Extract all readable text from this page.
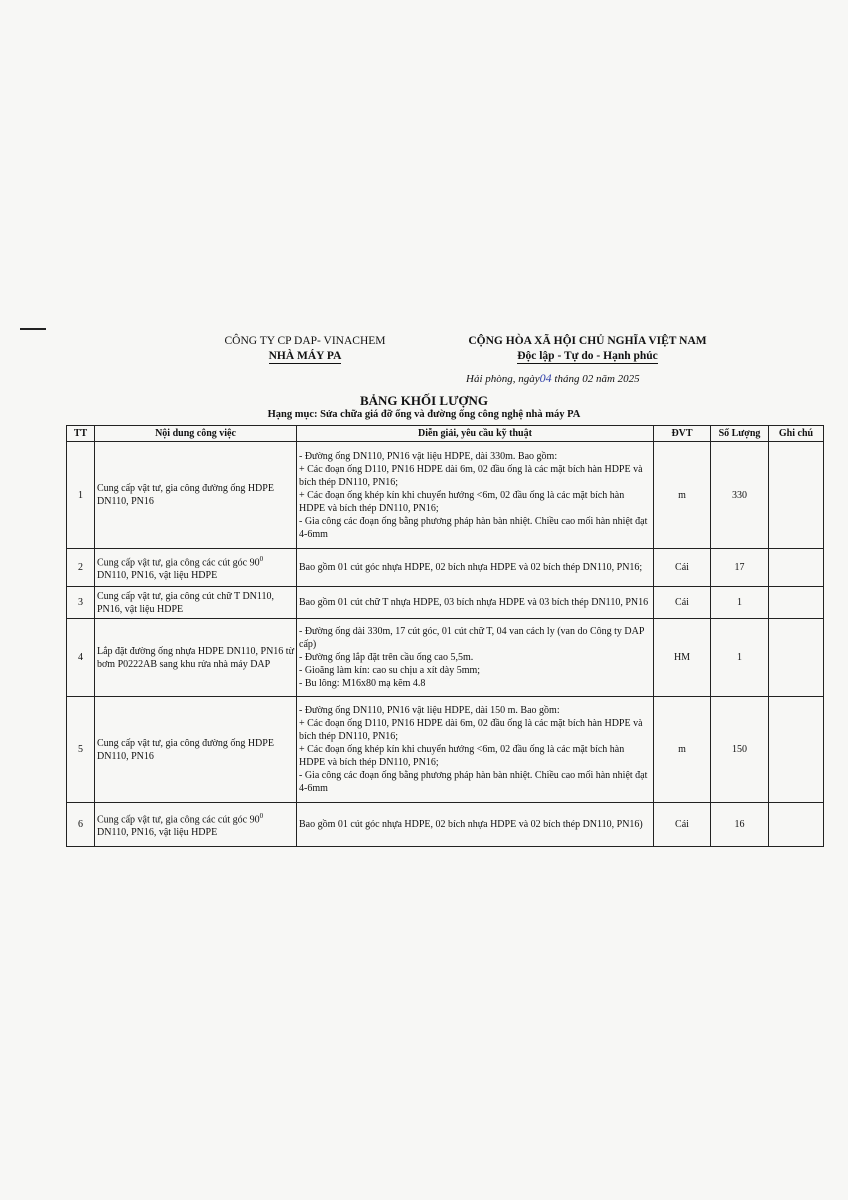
CÔNG TY CP DAP- VINACHEM
NHÀ MÁY PA
CỘNG HÒA XÃ HỘI CHỦ NGHĨA VIỆT NAM
Độc lập - Tự do - Hạnh phúc
Hải phòng, ngày04 tháng 02 năm 2025
BẢNG KHỐI LƯỢNG
Hạng mục: Sửa chữa giá đỡ ống và đường ống công nghệ nhà máy PA
TT	Nội dung công việc	Diễn giải, yêu cầu kỹ thuật	ĐVT	Số Lượng	Ghi chú
1	Cung cấp vật tư, gia công đường ống HDPE DN110, PN16	- Đường ống DN110, PN16 vật liệu HDPE, dài 330m. Bao gồm:
+ Các đoạn ống D110, PN16 HDPE dài 6m, 02 đầu ống là các mặt bích hàn HDPE và bích thép DN110, PN16;
+ Các đoạn ống khép kín khi chuyển hướng <6m, 02 đầu ống là các mặt bích hàn HDPE và bích thép DN110, PN16;
- Gia công các đoạn ống bằng phương pháp hàn bàn nhiệt. Chiều cao mối hàn nhiệt đạt 4-6mm	m	330	
2	Cung cấp vật tư, gia công các cút góc $90^0$
DN110, PN16, vật liệu HDPE	Bao gồm 01 cút góc nhựa HDPE, 02 bích nhựa HDPE và 02 bích thép DN110, PN16;	Cái	17	
3	Cung cấp vật tư, gia công cút chữ T DN110, PN16, vật liệu HDPE	Bao gồm 01 cút chữ T nhựa HDPE, 03 bích nhựa HDPE và 03 bích thép DN110, PN16	Cái	1	
4	Lắp đặt đường ống nhựa HDPE DN110, PN16 từ bơm P0222AB sang khu rửa nhà máy DAP	- Đường ống dài 330m, 17 cút góc, 01 cút chữ T, 04 van cách ly (van do Công ty DAP cấp)
- Đường ống lắp đặt trên cầu ống cao 5,5m.
- Gioăng làm kín: cao su chịu a xít dày 5mm;
- Bu lông: M16x80 mạ kẽm 4.8	HM	1	
5	Cung cấp vật tư, gia công đường ống HDPE DN110, PN16	- Đường ống DN110, PN16 vật liệu HDPE, dài 150 m. Bao gồm:
+ Các đoạn ống D110, PN16 HDPE dài 6m, 02 đầu ống là các mặt bích hàn HDPE và bích thép DN110, PN16;
+ Các đoạn ống khép kín khi chuyển hướng <6m, 02 đầu ống là các mặt bích hàn HDPE và bích thép DN110, PN16;
- Gia công các đoạn ống bằng phương pháp hàn bàn nhiệt. Chiều cao mối hàn nhiệt đạt 4-6mm	m	150	
6	Cung cấp vật tư, gia công các cút góc $90^0$
DN110, PN16, vật liệu HDPE	Bao gồm 01 cút góc nhựa HDPE, 02 bích nhựa HDPE và 02 bích thép DN110, PN16)	Cái	16	
